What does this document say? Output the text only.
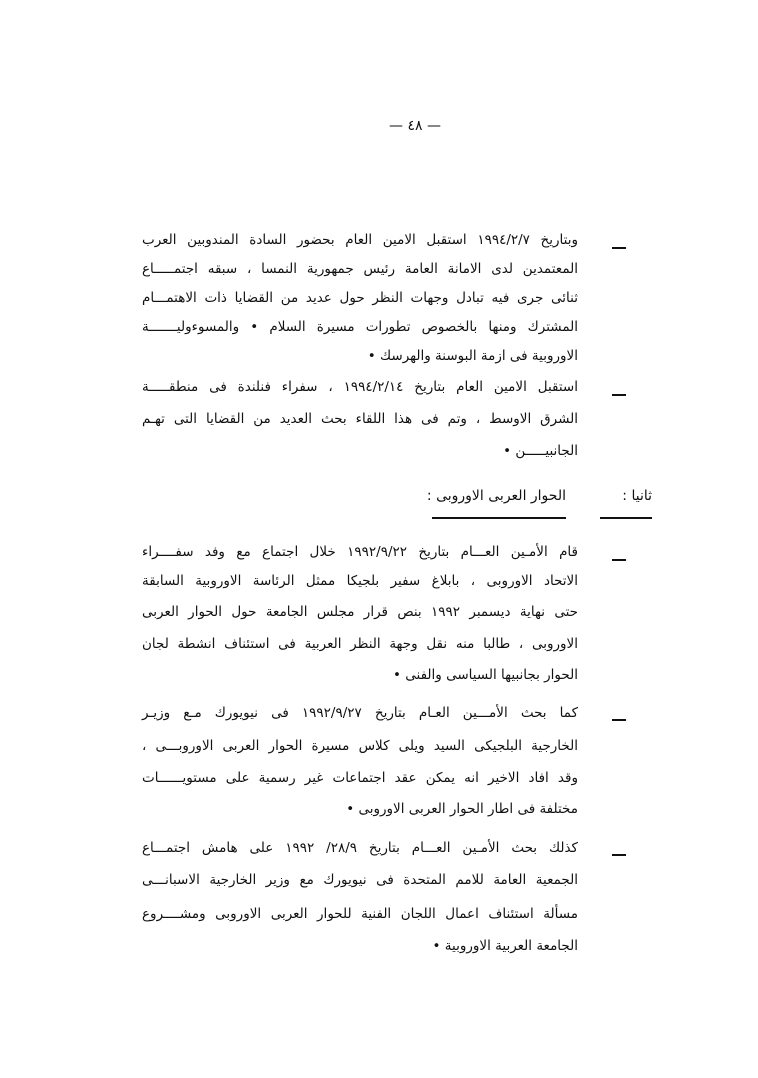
— ٤٨ —
وبتاريخ ١٩٩٤/٢/٧ استقبل الامين العام بحضور السادة المندوبين العرب
المعتمدين لدى الامانة العامة رئيس جمهورية النمسا ، سبقه اجتمـــــاع
ثنائى جرى فيه تبادل وجهات النظر حول عديد من القضايا ذات الاهتمـــام
المشترك ومنها بالخصوص تطورات مسيرة السلام • والمسوءوليـــــــة
الاوروبية فى ازمة البوسنة والهرسك •
استقبل الامين العام بتاريخ ١٩٩٤/٢/١٤ ، سفراء فنلندة فى منطقـــــة
الشرق الاوسط ، وتم فى هذا اللقاء بحث العديد من القضايا التى تهـم
الجانبيـــــن •
ثانيا :
الحوار العربى الاوروبى :
قام الأمـين العـــام بتاريخ ١٩٩٢/٩/٢٢ خلال اجتماع مع وفد سفــــراء
الاتحاد الاوروبى ، بابلاغ سفير بلجيكا ممثل الرئاسة الاوروبية السابقة
حتى نهاية ديسمبر ١٩٩٢ بنص قرار مجلس الجامعة حول الحوار العربى
الاوروبى ، طالبا منه نقل وجهة النظر العربية فى استئناف انشطة لجان
الحوار بجانبيها السياسى والفنى •
كما بحث الأمـــين العـام بتاريخ ١٩٩٢/٩/٢٧ فى نيويورك مـع وزيـر
الخارجية البلجيكى السيد ويلى كلاس مسيرة الحوار العربى الاوروبـــى ،
وقد افاد الاخير انه يمكن عقد اجتماعات غير رسمية على مستويــــــات
مختلفة فى اطار الحوار العربى الاوروبى •
كذلك بحث الأمـين العـــام بتاريخ ٢٨/٩/ ١٩٩٢ على هامش اجتمـــاع
الجمعية العامة للامم المتحدة فى نيويورك مع وزير الخارجية الاسبانـــى
مسألة استئناف اعمال اللجان الفنية للحوار العربى الاوروبى ومشــــروع
الجامعة العربية الاوروبية •
